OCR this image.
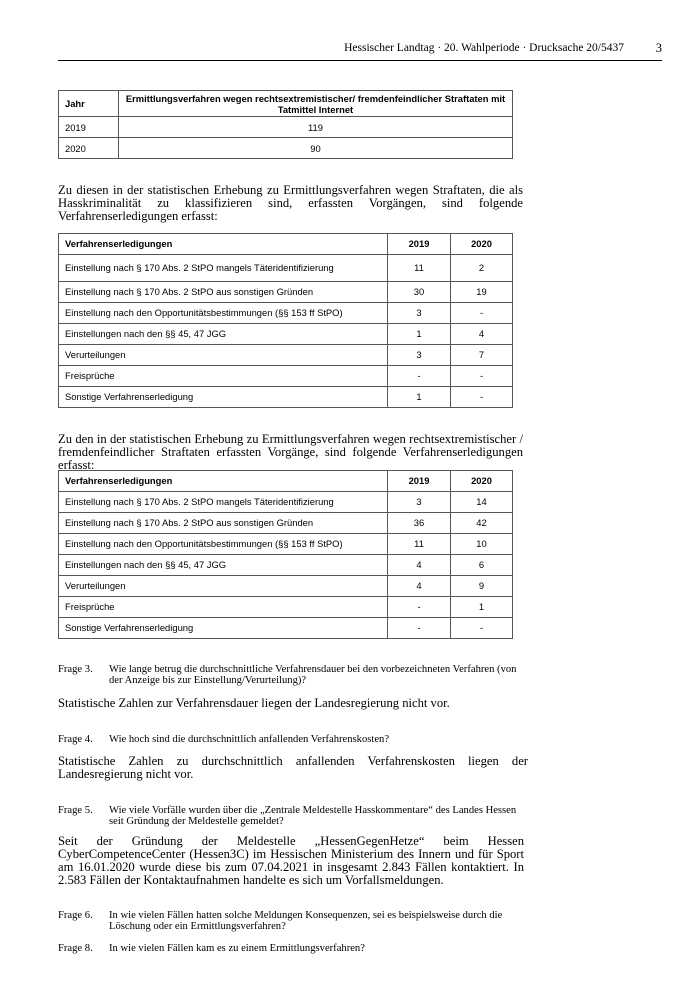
Hessischer Landtag · 20. Wahlperiode · Drucksache 20/5437	3
Jahr	Ermittlungsverfahren wegen rechtsextremistischer/ fremdenfeindlicher Straftaten mit Tatmittel Internet
2019	119
2020	90
Zu diesen in der statistischen Erhebung zu Ermittlungsverfahren wegen Straftaten, die als Hasskriminalität zu klassifizieren sind, erfassten Vorgängen, sind folgende Verfahrenserledigungen erfasst:
Verfahrenserledigungen	2019	2020
Einstellung nach § 170 Abs. 2 StPO mangels Täteridentifizierung	11	2
Einstellung nach § 170 Abs. 2 StPO aus sonstigen Gründen	30	19
Einstellung nach den Opportunitätsbestimmungen (§§ 153 ff StPO)	3	-
Einstellungen nach den §§ 45, 47 JGG	1	4
Verurteilungen	3	7
Freisprüche	-	-
Sonstige Verfahrenserledigung	1	-
Zu den in der statistischen Erhebung zu Ermittlungsverfahren wegen rechtsextremistischer / fremdenfeindlicher Straftaten erfassten Vorgänge, sind folgende Verfahrenserledigungen erfasst:
Verfahrenserledigungen	2019	2020
Einstellung nach § 170 Abs. 2 StPO mangels Täteridentifizierung	3	14
Einstellung nach § 170 Abs. 2 StPO aus sonstigen Gründen	36	42
Einstellung nach den Opportunitätsbestimmungen (§§ 153 ff StPO)	11	10
Einstellungen nach den §§ 45, 47 JGG	4	6
Verurteilungen	4	9
Freisprüche	-	1
Sonstige Verfahrenserledigung	-	-
Frage 3. Wie lange betrug die durchschnittliche Verfahrensdauer bei den vorbezeichneten Verfahren (von der Anzeige bis zur Einstellung/Verurteilung)?
Statistische Zahlen zur Verfahrensdauer liegen der Landesregierung nicht vor.
Frage 4. Wie hoch sind die durchschnittlich anfallenden Verfahrenskosten?
Statistische Zahlen zu durchschnittlich anfallenden Verfahrenskosten liegen der Landesregierung nicht vor.
Frage 5. Wie viele Vorfälle wurden über die „Zentrale Meldestelle Hasskommentare“ des Landes Hessen seit Gründung der Meldestelle gemeldet?
Seit der Gründung der Meldestelle „HessenGegenHetze“ beim Hessen CyberCompetenceCenter (Hessen3C) im Hessischen Ministerium des Innern und für Sport am 16.01.2020 wurde diese bis zum 07.04.2021 in insgesamt 2.843 Fällen kontaktiert. In 2.583 Fällen der Kontaktaufnahmen handelte es sich um Vorfallsmeldungen.
Frage 6. In wie vielen Fällen hatten solche Meldungen Konsequenzen, sei es beispielsweise durch die Löschung oder ein Ermittlungsverfahren?
Frage 8. In wie vielen Fällen kam es zu einem Ermittlungsverfahren?
